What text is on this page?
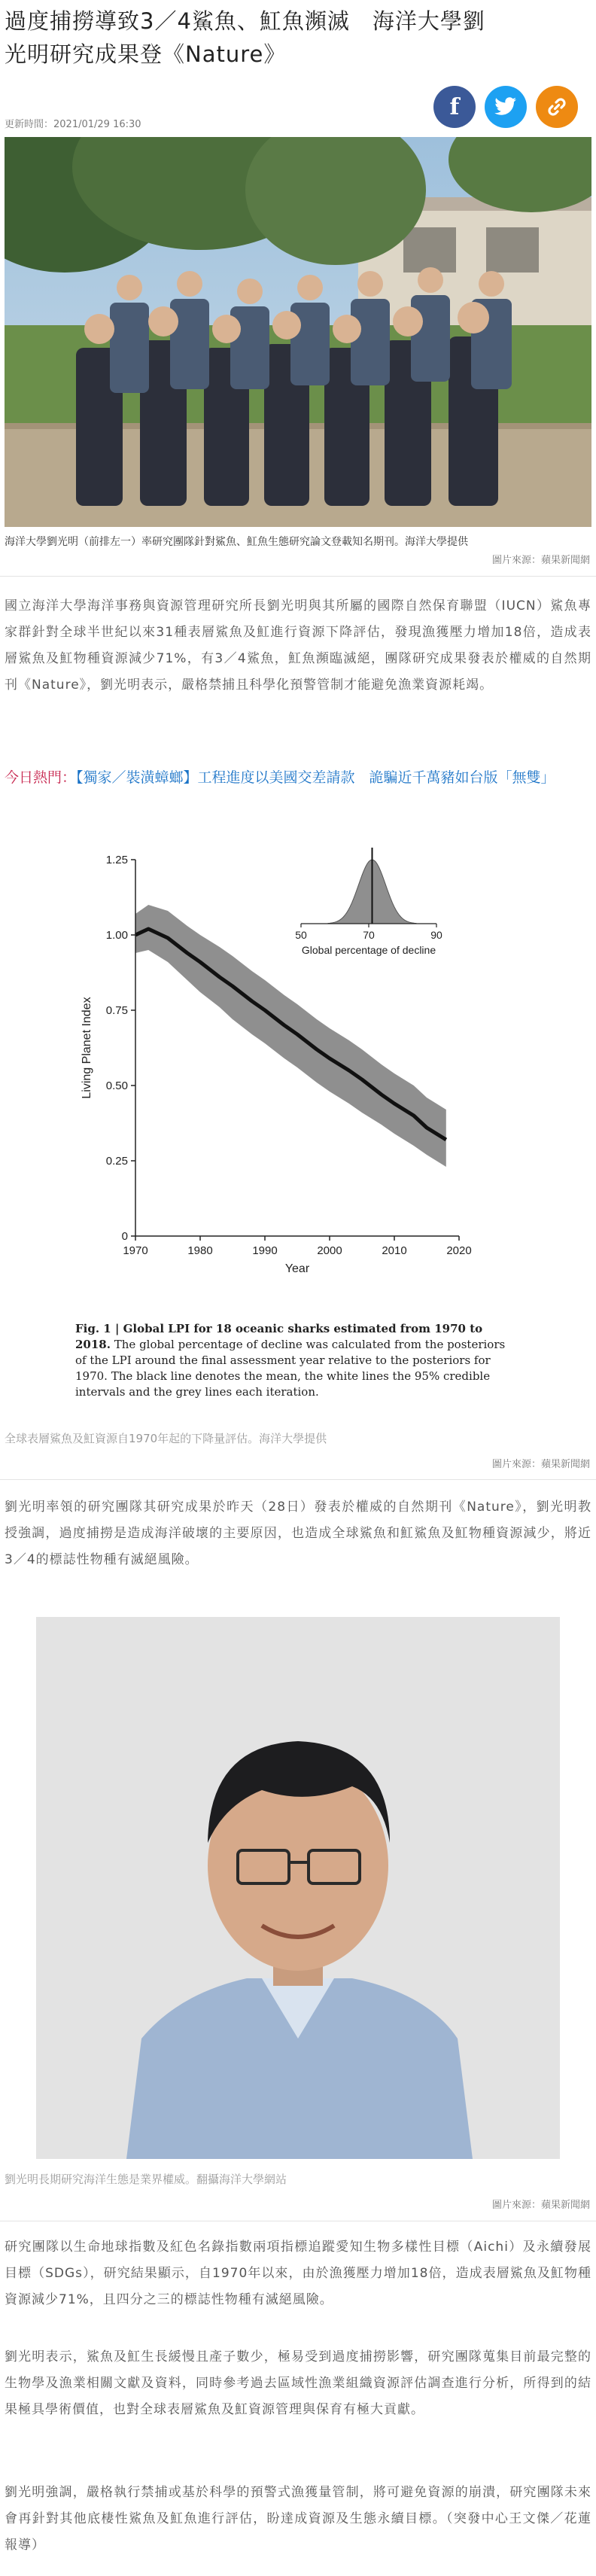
過度捕撈導致3／4鯊魚、魟魚瀕滅　海洋大學劉光明研究成果登《Nature》
f
更新時間：2021/01/29 16:30
海洋大學劉光明（前排左一）率研究團隊針對鯊魚、魟魚生態研究論文登載知名期刊。海洋大學提供
圖片來源：蘋果新聞網

國立海洋大學海洋事務與資源管理研究所長劉光明與其所屬的國際自然保育聯盟（IUCN）鯊魚專家群針對全球半世紀以來31種表層鯊魚及魟進行資源下降評估，發現漁獲壓力增加18倍，造成表層鯊魚及魟物種資源減少71%，有3／4鯊魚，魟魚瀕臨滅絕，團隊研究成果發表於權威的自然期刊《Nature》，劉光明表示，嚴格禁捕且科學化預警管制才能避免漁業資源耗竭。

今日熱門：【獨家／裝潢蟑螂】工程進度以美國交差請款　詭騙近千萬豬如台版「無雙」
1970	1980	1990	2000	2010	2020
0
0.25
0.50
0.75
1.00
1.25
Year
Living Planet Index
50	70	90
Global percentage of decline
Fig. 1 | Global LPI for 18 oceanic sharks estimated from 1970 to 2018. The global percentage of decline was calculated from the posteriors of the LPI around the final assessment year relative to the posteriors for 1970. The black line denotes the mean, the white lines the 95% credible intervals and the grey lines each iteration.
全球表層鯊魚及魟資源自1970年起的下降量評估。海洋大學提供
圖片來源：蘋果新聞網

劉光明率領的研究團隊其研究成果於昨天（28日）發表於權威的自然期刊《Nature》，劉光明教授強調，過度捕撈是造成海洋破壞的主要原因，也造成全球鯊魚和魟鯊魚及魟物種資源減少，將近3／4的標誌性物種有滅絕風險。

劉光明長期研究海洋生態是業界權威。翻攝海洋大學網站
圖片來源：蘋果新聞網

研究團隊以生命地球指數及紅色名錄指數兩項指標追蹤愛知生物多樣性目標（Aichi）及永續發展目標（SDGs），研究結果顯示，自1970年以來，由於漁獲壓力增加18倍，造成表層鯊魚及魟物種資源減少71%，且四分之三的標誌性物種有滅絕風險。

劉光明表示，鯊魚及魟生長緩慢且產子數少，極易受到過度捕撈影響，研究團隊蒐集目前最完整的生物學及漁業相關文獻及資料，同時參考過去區域性漁業組織資源評估調查進行分析，所得到的結果極具學術價值，也對全球表層鯊魚及魟資源管理與保育有極大貢獻。

劉光明強調，嚴格執行禁捕或基於科學的預警式漁獲量管制，將可避免資源的崩潰，研究團隊未來會再針對其他底棲性鯊魚及魟魚進行評估，盼達成資源及生態永續目標。（突發中心王文傑／花蓮報導）
